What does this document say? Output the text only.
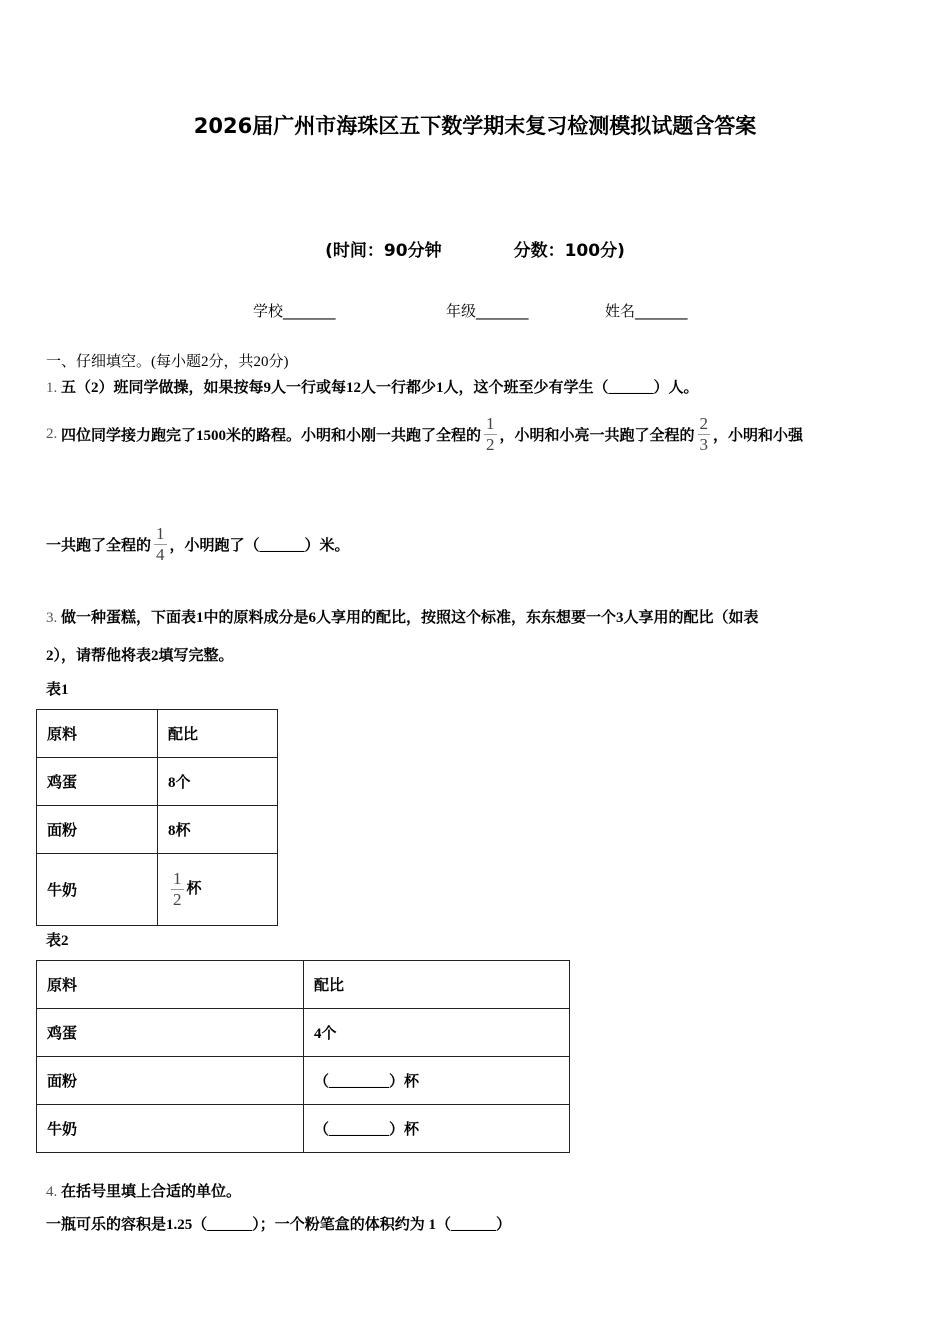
2026届广州市海珠区五下数学期末复习检测模拟试题含答案
(时间：90分钟	分数：100分)
学校_______	年级_______	姓名_______
一、仔细填空。(每小题2分，共20分)
1. 五（2）班同学做操，如果按每9人一行或每12人一行都少1人，这个班至少有学生（______）人。
2.
四位同学接力跑完了1500米的路程。小明和小刚一共跑了全程的 $\frac{1}{2}$ ，小明和小亮一共跑了全程的 $\frac{2}{3}$ ，小明和小强
一共跑了全程的 $\frac{1}{4}$ ，小明跑了（______）米。
3. 做一种蛋糕，下面表1中的原料成分是6人享用的配比，按照这个标准，东东想要一个3人享用的配比（如表
2），请帮他将表2填写完整。
表1
原料	配比
鸡蛋	8个
面粉	8杯
牛奶	$\frac{1}{2}$ 杯
表2
原料	配比
鸡蛋	4个
面粉	（________）杯
牛奶	（________）杯
4. 在括号里填上合适的单位。
一瓶可乐的容积是1.25（______）；一个粉笔盒的体积约为 1（______）
